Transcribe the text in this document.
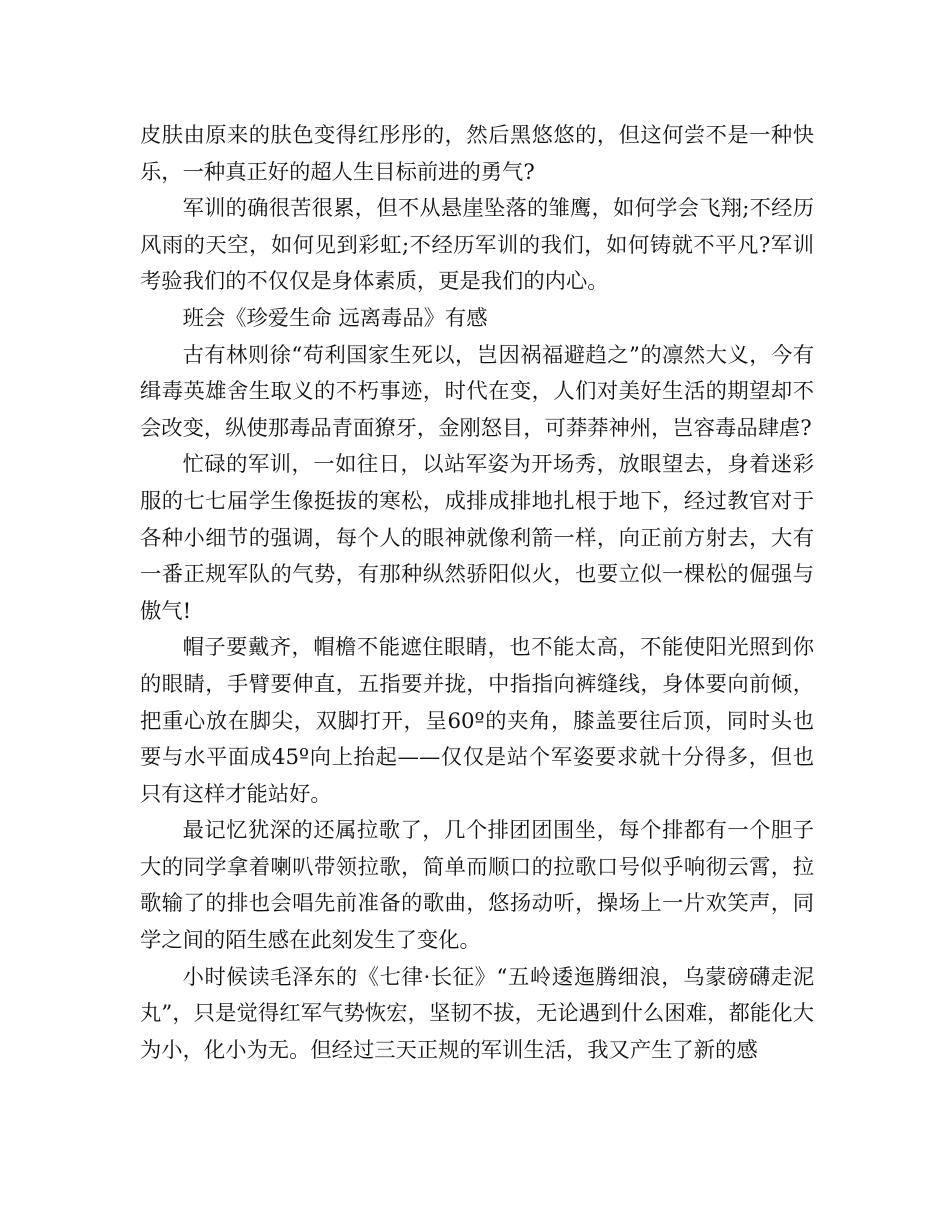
皮肤由原来的肤色变得红彤彤的，然后黑悠悠的，但这何尝不是一种快乐，一种真正好的超人生目标前进的勇气?

军训的确很苦很累，但不从悬崖坠落的雏鹰，如何学会飞翔;不经历风雨的天空，如何见到彩虹;不经历军训的我们，如何铸就不平凡?军训考验我们的不仅仅是身体素质，更是我们的内心。

班会《珍爱生命 远离毒品》有感

古有林则徐“苟利国家生死以，岂因祸福避趋之”的凛然大义，今有缉毒英雄舍生取义的不朽事迹，时代在变，人们对美好生活的期望却不会改变，纵使那毒品青面獠牙，金刚怒目，可莽莽神州，岂容毒品肆虐?

忙碌的军训，一如往日，以站军姿为开场秀，放眼望去，身着迷彩服的七七届学生像挺拔的寒松，成排成排地扎根于地下，经过教官对于各种小细节的强调，每个人的眼神就像利箭一样，向正前方射去，大有一番正规军队的气势，有那种纵然骄阳似火，也要立似一棵松的倔强与傲气!

帽子要戴齐，帽檐不能遮住眼睛，也不能太高，不能使阳光照到你的眼睛，手臂要伸直，五指要并拢，中指指向裤缝线，身体要向前倾，把重心放在脚尖，双脚打开，呈60º的夹角，膝盖要往后顶，同时头也要与水平面成45º向上抬起——仅仅是站个军姿要求就十分得多，但也只有这样才能站好。

最记忆犹深的还属拉歌了，几个排团团围坐，每个排都有一个胆子大的同学拿着喇叭带领拉歌，简单而顺口的拉歌口号似乎响彻云霄，拉歌输了的排也会唱先前准备的歌曲，悠扬动听，操场上一片欢笑声，同学之间的陌生感在此刻发生了变化。

小时候读毛泽东的《七律·长征》“五岭逶迤腾细浪，乌蒙磅礴走泥丸”，只是觉得红军气势恢宏，坚韧不拔，无论遇到什么困难，都能化大为小，化小为无。但经过三天正规的军训生活，我又产生了新的感
